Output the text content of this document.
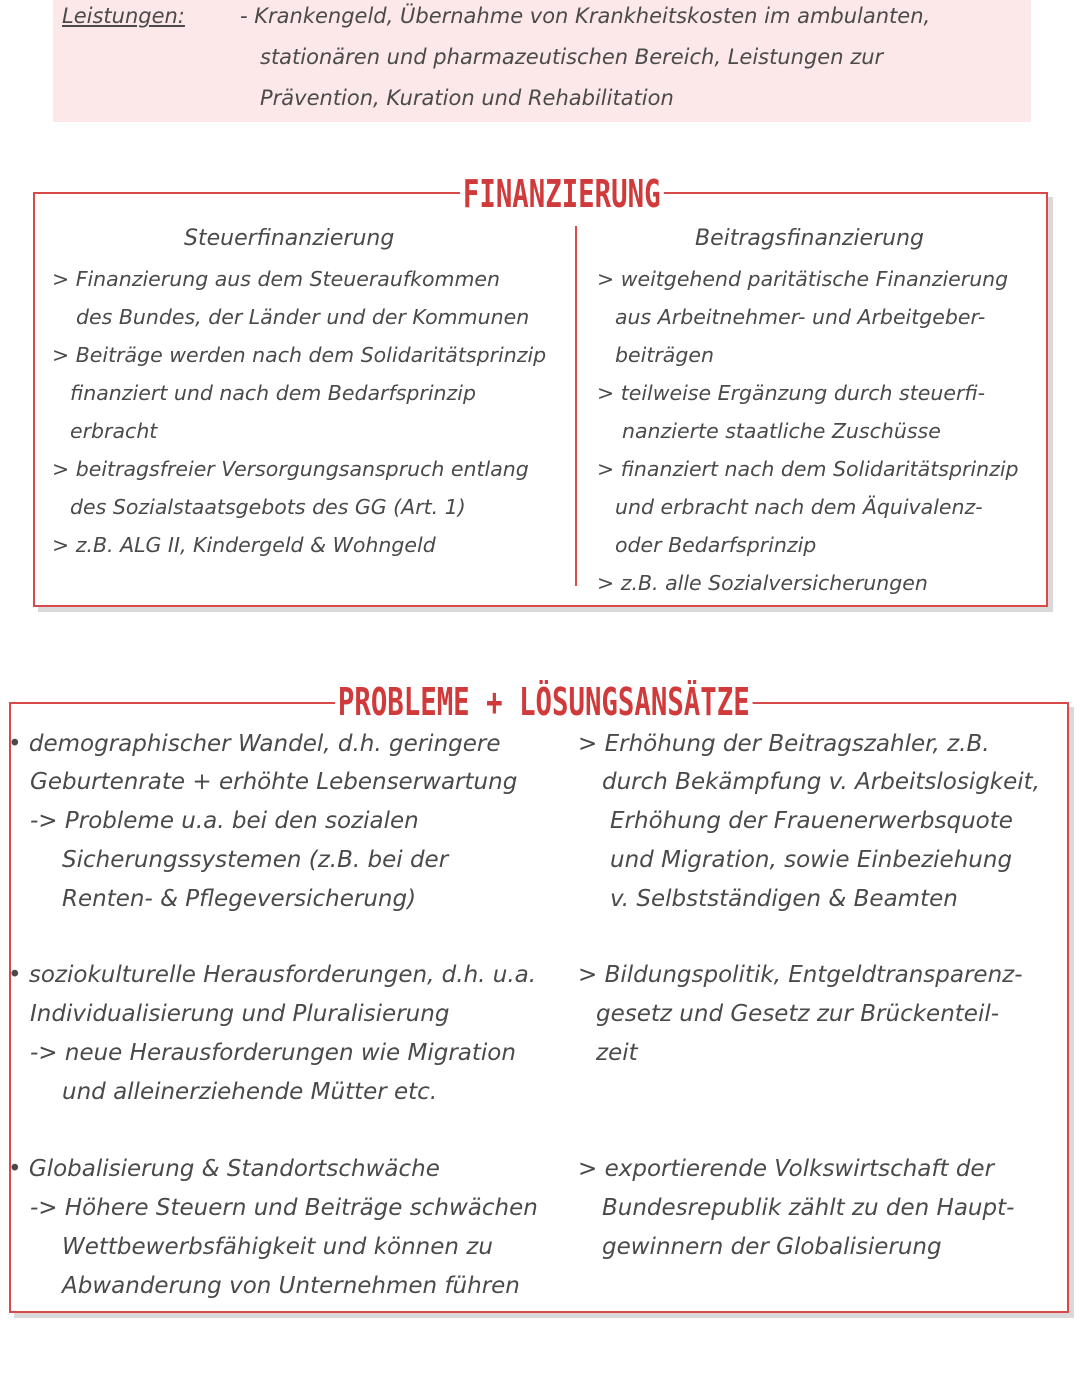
Leistungen:	- Krankengeld, Übernahme von Krankheitskosten im ambulanten,
stationären und pharmazeutischen Bereich, Leistungen zur
Prävention, Kuration und Rehabilitation
FINANZIERUNG
Steuerfinanzierung
> Finanzierung aus dem Steueraufkommen
des Bundes, der Länder und der Kommunen
> Beiträge werden nach dem Solidaritätsprinzip
finanziert und nach dem Bedarfsprinzip
erbracht
> beitragsfreier Versorgungsanspruch entlang
des Sozialstaatsgebots des GG (Art. 1)
> z.B. ALG II, Kindergeld & Wohngeld
Beitragsfinanzierung
> weitgehend paritätische Finanzierung
aus Arbeitnehmer- und Arbeitgeber-
beiträgen
> teilweise Ergänzung durch steuerfi-
nanzierte staatliche Zuschüsse
> finanziert nach dem Solidaritätsprinzip
und erbracht nach dem Äquivalenz-
oder Bedarfsprinzip
> z.B. alle Sozialversicherungen
PROBLEME + LÖSUNGSANSÄTZE
• demographischer Wandel, d.h. geringere
Geburtenrate + erhöhte Lebenserwartung
-> Probleme u.a. bei den sozialen
Sicherungssystemen (z.B. bei der
Renten- & Pflegeversicherung)
> Erhöhung der Beitragszahler, z.B.
durch Bekämpfung v. Arbeitslosigkeit,
Erhöhung der Frauenerwerbsquote
und Migration, sowie Einbeziehung
v. Selbstständigen & Beamten
• soziokulturelle Herausforderungen, d.h. u.a.
Individualisierung und Pluralisierung
-> neue Herausforderungen wie Migration
und alleinerziehende Mütter etc.
> Bildungspolitik, Entgeldtransparenz-
gesetz und Gesetz zur Brückenteil-
zeit
• Globalisierung & Standortschwäche
-> Höhere Steuern und Beiträge schwächen
Wettbewerbsfähigkeit und können zu
Abwanderung von Unternehmen führen
> exportierende Volkswirtschaft der
Bundesrepublik zählt zu den Haupt-
gewinnern der Globalisierung
